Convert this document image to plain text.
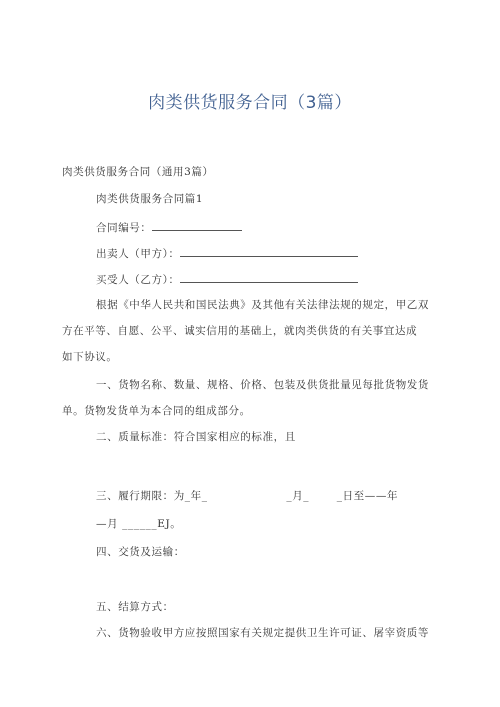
肉类供货服务合同（3篇）
肉类供货服务合同（通用3篇）
肉类供货服务合同篇1
合同编号：
出卖人（甲方）：
买受人（乙方）：
根据《中华人民共和国民法典》及其他有关法律法规的规定，甲乙双
方在平等、自愿、公平、诚实信用的基础上，就肉类供货的有关事宜达成
如下协议。
一、货物名称、数量、规格、价格、包装及供货批量见每批货物发货
单。货物发货单为本合同的组成部分。
二、质量标准：符合国家相应的标准，且
三、履行期限：为_年_                    _月_       _日至——年
—月 ______EJ。
四、交货及运输：
五、结算方式：
六、货物验收甲方应按照国家有关规定提供卫生许可证、屠宰资质等
